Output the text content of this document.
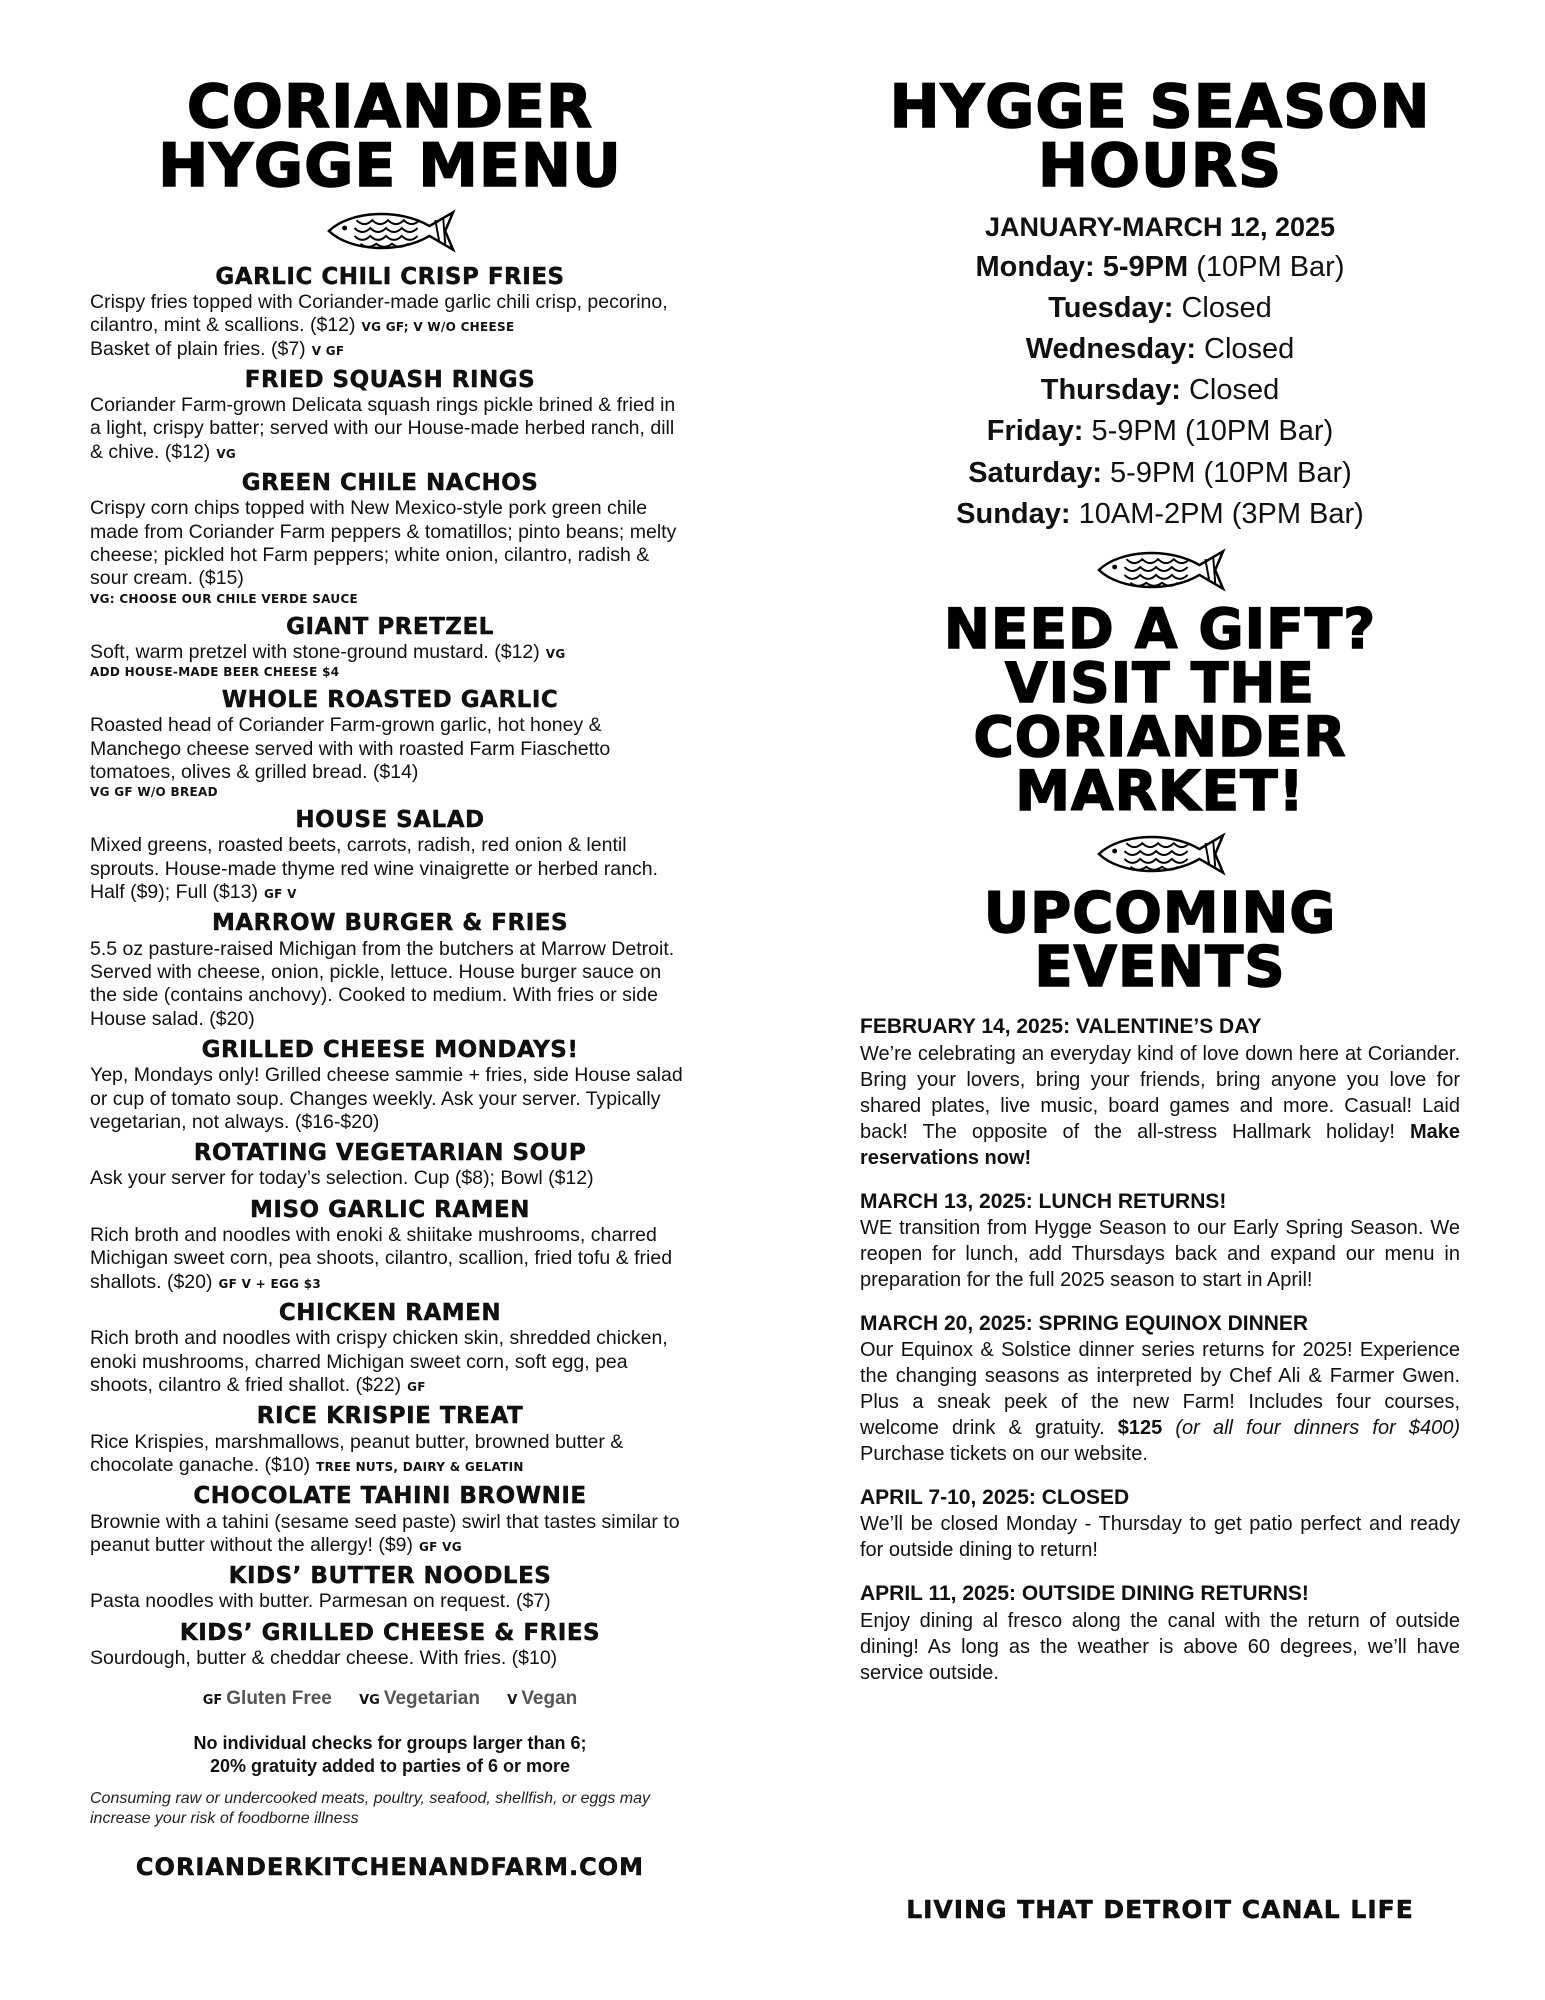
CORIANDER
HYGGE MENU
GARLIC CHILI CRISP FRIES
Crispy fries topped with Coriander-made garlic chili crisp, pecorino, cilantro, mint & scallions. ($12) VG GF; V W/O CHEESE
Basket of plain fries. ($7) V GF
FRIED SQUASH RINGS
Coriander Farm-grown Delicata squash rings pickle brined & fried in a light, crispy batter; served with our House-made herbed ranch, dill & chive. ($12) VG
GREEN CHILE NACHOS
Crispy corn chips topped with New Mexico-style pork green chile made from Coriander Farm peppers & tomatillos; pinto beans; melty cheese; pickled hot Farm peppers; white onion, cilantro, radish & sour cream. ($15)
VG: CHOOSE OUR CHILE VERDE SAUCE
GIANT PRETZEL
Soft, warm pretzel with stone-ground mustard. ($12) VG
ADD HOUSE-MADE BEER CHEESE $4
WHOLE ROASTED GARLIC
Roasted head of Coriander Farm-grown garlic, hot honey & Manchego cheese served with with roasted Farm Fiaschetto tomatoes, olives & grilled bread. ($14)
VG GF W/O BREAD
HOUSE SALAD
Mixed greens, roasted beets, carrots, radish, red onion & lentil sprouts. House-made thyme red wine vinaigrette or herbed ranch. Half ($9); Full ($13) GF V
MARROW BURGER & FRIES
5.5 oz pasture-raised Michigan from the butchers at Marrow Detroit. Served with cheese, onion, pickle, lettuce. House burger sauce on the side (contains anchovy). Cooked to medium. With fries or side House salad. ($20)
GRILLED CHEESE MONDAYS!
Yep, Mondays only! Grilled cheese sammie + fries, side House salad or cup of tomato soup. Changes weekly. Ask your server. Typically vegetarian, not always. ($16-$20)
ROTATING VEGETARIAN SOUP
Ask your server for today’s selection. Cup ($8); Bowl ($12)
MISO GARLIC RAMEN
Rich broth and noodles with enoki & shiitake mushrooms, charred Michigan sweet corn, pea shoots, cilantro, scallion, fried tofu & fried shallots. ($20) GF V + EGG $3
CHICKEN RAMEN
Rich broth and noodles with crispy chicken skin, shredded chicken, enoki mushrooms, charred Michigan sweet corn, soft egg, pea shoots, cilantro & fried shallot. ($22) GF
RICE KRISPIE TREAT
Rice Krispies, marshmallows, peanut butter, browned butter & chocolate ganache. ($10) TREE NUTS, DAIRY & GELATIN
CHOCOLATE TAHINI BROWNIE
Brownie with a tahini (sesame seed paste) swirl that tastes similar to peanut butter without the allergy! ($9) GF VG
KIDS’ BUTTER NOODLES
Pasta noodles with butter. Parmesan on request. ($7)
KIDS’ GRILLED CHEESE & FRIES
Sourdough, butter & cheddar cheese. With fries. ($10)
GF Gluten Free VG Vegetarian V Vegan
No individual checks for groups larger than 6;
20% gratuity added to parties of 6 or more
Consuming raw or undercooked meats, poultry, seafood, shellfish, or eggs may increase your risk of foodborne illness
CORIANDERKITCHENANDFARM.COM
HYGGE SEASON
HOURS
JANUARY-MARCH 12, 2025
Monday: 5-9PM (10PM Bar)
Tuesday: Closed
Wednesday: Closed
Thursday: Closed
Friday: 5-9PM (10PM Bar)
Saturday: 5-9PM (10PM Bar)
Sunday: 10AM-2PM (3PM Bar)
NEED A GIFT?
VISIT THE
CORIANDER
MARKET!
UPCOMING
EVENTS
FEBRUARY 14, 2025: VALENTINE’S DAY
We’re celebrating an everyday kind of love down here at Coriander. Bring your lovers, bring your friends, bring anyone you love for shared plates, live music, board games and more. Casual! Laid back! The opposite of the all-stress Hallmark holiday! Make reservations now!
MARCH 13, 2025: LUNCH RETURNS!
WE transition from Hygge Season to our Early Spring Season. We reopen for lunch, add Thursdays back and expand our menu in preparation for the full 2025 season to start in April!
MARCH 20, 2025: SPRING EQUINOX DINNER
Our Equinox & Solstice dinner series returns for 2025! Experience the changing seasons as interpreted by Chef Ali & Farmer Gwen. Plus a sneak peek of the new Farm! Includes four courses, welcome drink & gratuity. $125 (or all four dinners for $400) Purchase tickets on our website.
APRIL 7-10, 2025: CLOSED
We’ll be closed Monday - Thursday to get patio perfect and ready for outside dining to return!
APRIL 11, 2025: OUTSIDE DINING RETURNS!
Enjoy dining al fresco along the canal with the return of outside dining! As long as the weather is above 60 degrees, we’ll have service outside.
LIVING THAT DETROIT CANAL LIFE
